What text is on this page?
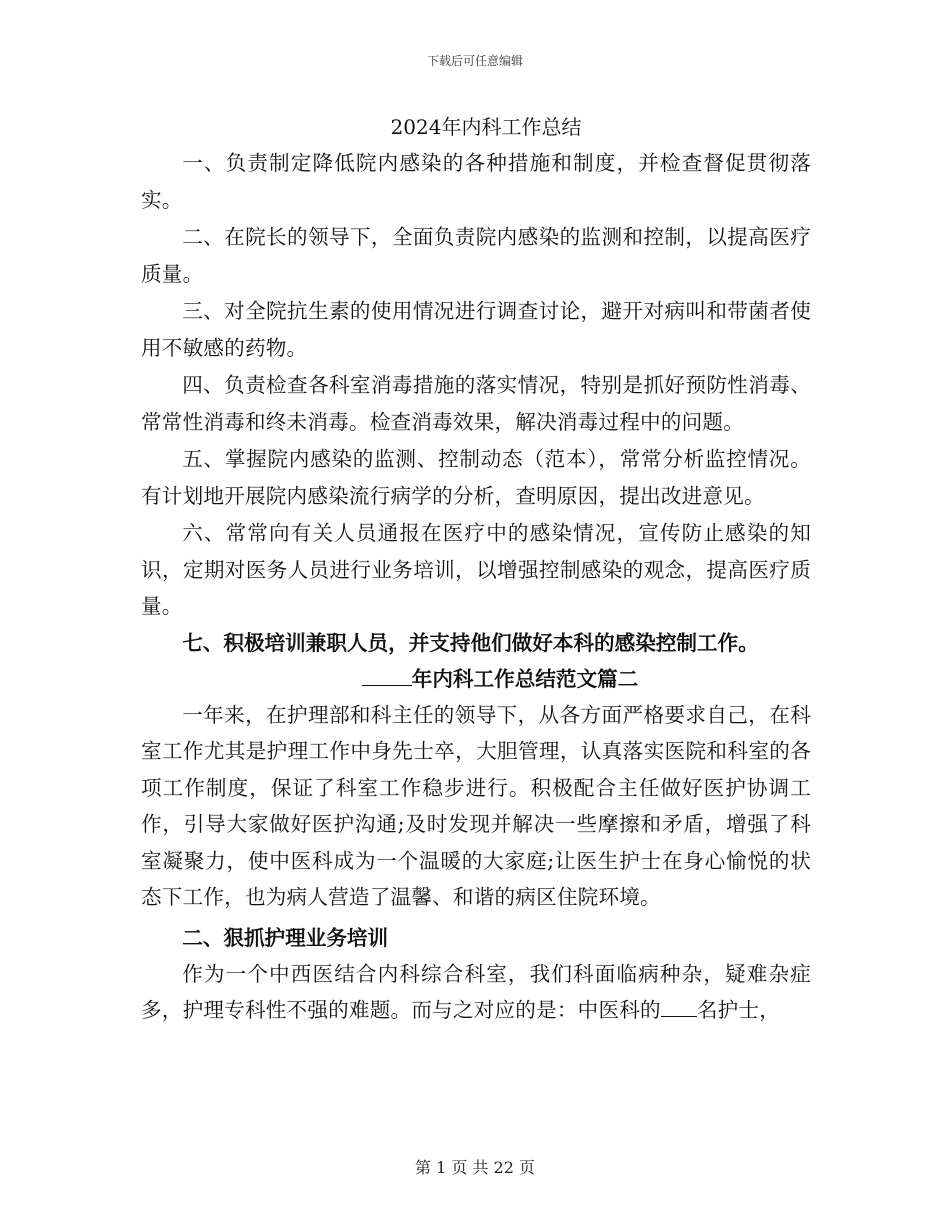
下载后可任意编辑
2024年内科工作总结

一、负责制定降低院内感染的各种措施和制度，并检查督促贯彻落实。

二、在院长的领导下，全面负责院内感染的监测和控制，以提高医疗质量。

三、对全院抗生素的使用情况进行调查讨论，避开对病叫和带菌者使用不敏感的药物。

四、负责检查各科室消毒措施的落实情况，特别是抓好预防性消毒、常常性消毒和终未消毒。检查消毒效果，解决消毒过程中的问题。

五、掌握院内感染的监测、控制动态（范本），常常分析监控情况。有计划地开展院内感染流行病学的分析，查明原因，提出改进意见。

六、常常向有关人员通报在医疗中的感染情况，宣传防止感染的知识，定期对医务人员进行业务培训，以增强控制感染的观念，提高医疗质量。

七、积极培训兼职人员，并支持他们做好本科的感染控制工作。

年内科工作总结范文篇二

一年来，在护理部和科主任的领导下，从各方面严格要求自己，在科室工作尤其是护理工作中身先士卒，大胆管理，认真落实医院和科室的各项工作制度，保证了科室工作稳步进行。积极配合主任做好医护协调工作，引导大家做好医护沟通;及时发现并解决一些摩擦和矛盾，增强了科室凝聚力，使中医科成为一个温暖的大家庭;让医生护士在身心愉悦的状态下工作，也为病人营造了温馨、和谐的病区住院环境。

二、狠抓护理业务培训

作为一个中西医结合内科综合科室，我们科面临病种杂，疑难杂症多，护理专科性不强的难题。而与之对应的是：中医科的 名护士，

第 1 页 共 22 页
